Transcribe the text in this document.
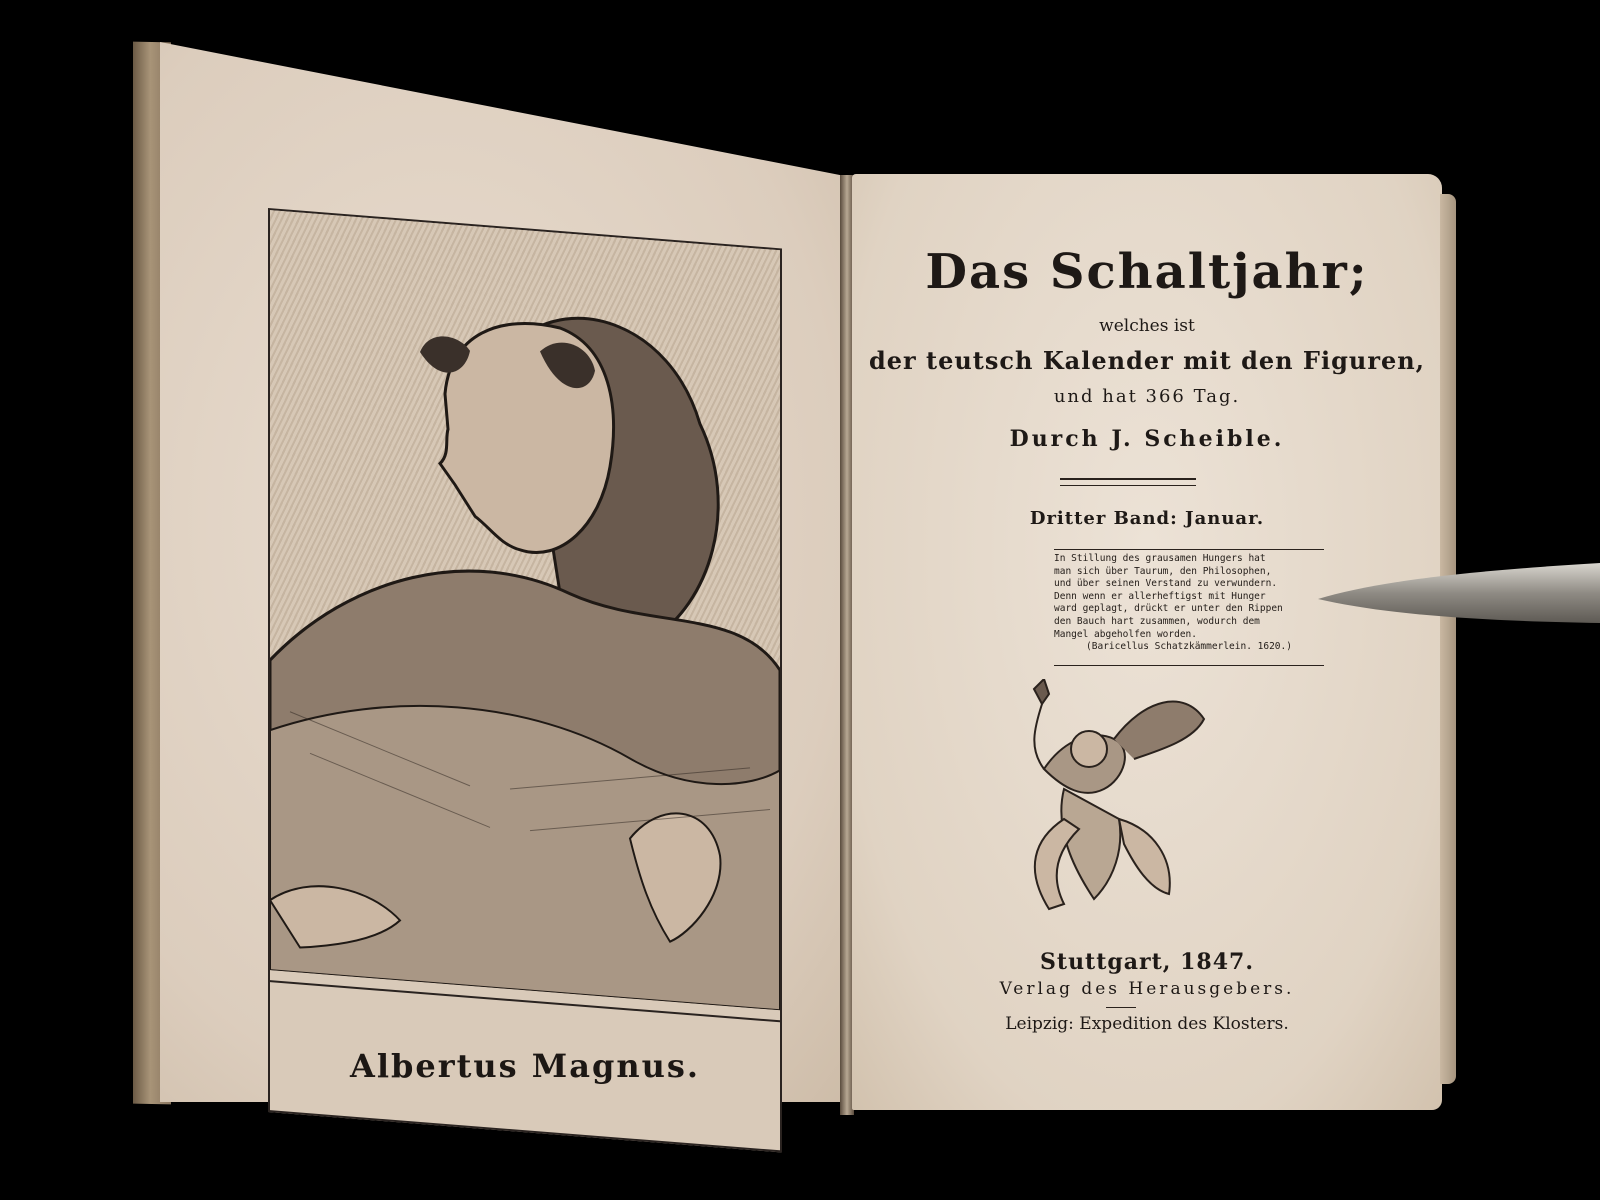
Albertus Magnus.
Das Schaltjahr;
welches ist
der teutsch Kalender mit den Figuren,
und hat 366 Tag.
Durch J. Scheible.
Dritter Band: Januar.
In Stillung des grausamen Hungers hat
man sich über Taurum, den Philosophen,
und über seinen Verstand zu verwundern.
Denn wenn er allerheftigst mit Hunger
ward geplagt, drückt er unter den Rippen
den Bauch hart zusammen, wodurch dem
Mangel abgeholfen worden.
(Baricellus Schatzkämmerlein. 1620.)
Stuttgart, 1847.
Verlag des Herausgebers.
Leipzig: Expedition des Klosters.
